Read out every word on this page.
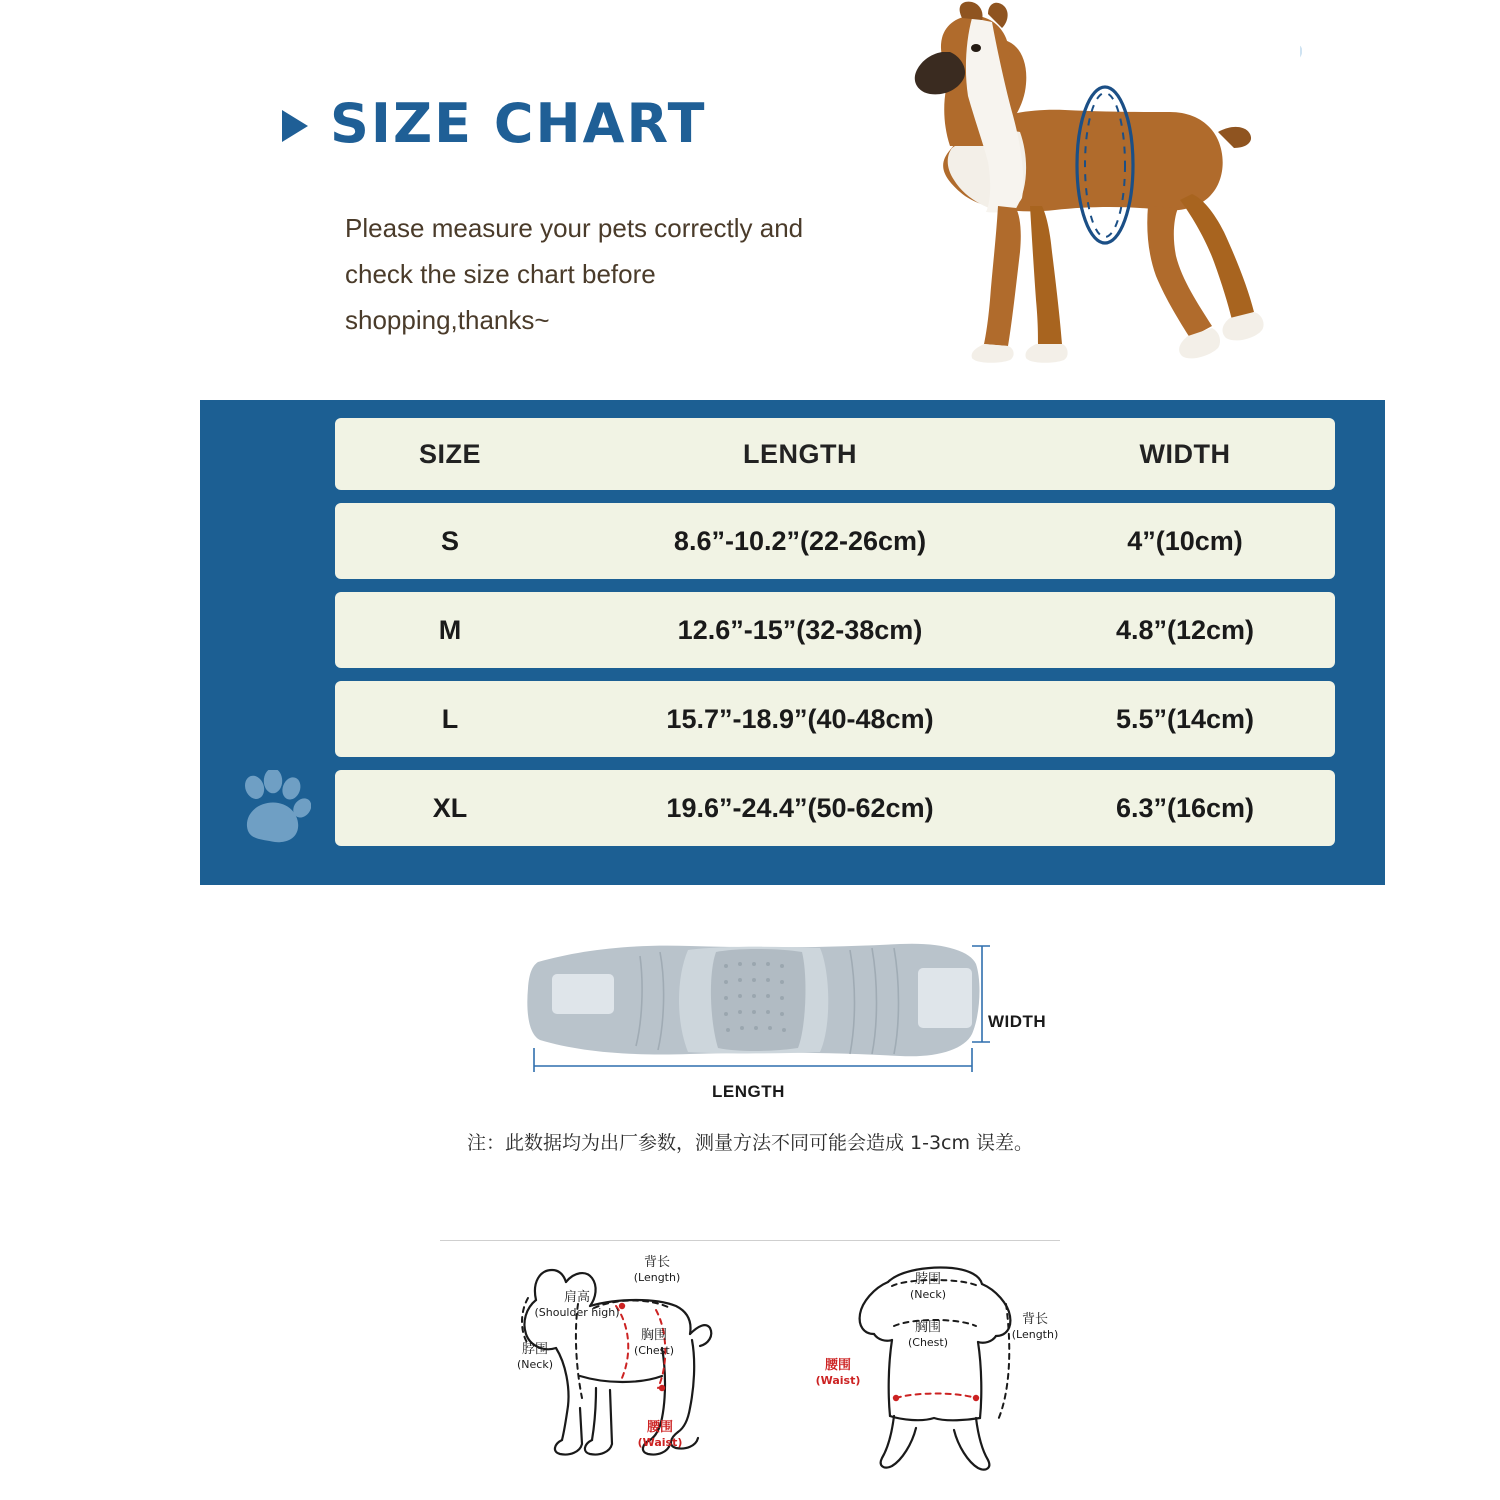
SIZE CHART
Please measure your pets correctly and check the size chart before shopping,thanks~
SIZE	LENGTH	WIDTH
S	8.6”-10.2”(22-26cm)	4”(10cm)
M	12.6”-15”(32-38cm)	4.8”(12cm)
L	15.7”-18.9”(40-48cm)	5.5”(14cm)
XL	19.6”-24.4”(50-62cm)	6.3”(16cm)
WIDTH
LENGTH
注：此数据均为出厂参数，测量方法不同可能会造成 1-3cm 误差。
背长
(Length)
肩高
(Shoulder high)
脖围
(Neck)
胸围
(Chest)
腰围
(Waist)
脖围
(Neck)
胸围
(Chest)
背长
(Length)
腰围
(Waist)
